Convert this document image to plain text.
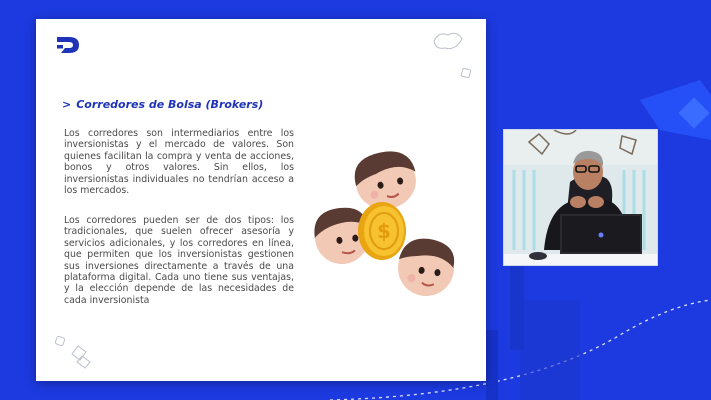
> Corredores de Bolsa (Brokers)

Los corredores son intermediarios entre los inversionistas y el mercado de valores. Son quienes facilitan la compra y venta de acciones, bonos y otros valores. Sin ellos, los inversionistas individuales no tendrían acceso a los mercados.

Los corredores pueden ser de dos tipos: los tradicionales, que suelen ofrecer asesoría y servicios adicionales, y los corredores en línea, que permiten que los inversionistas gestionen sus inversiones directamente a través de una plataforma digital. Cada uno tiene sus ventajas, y la elección depende de las necesidades de cada inversionista

$
